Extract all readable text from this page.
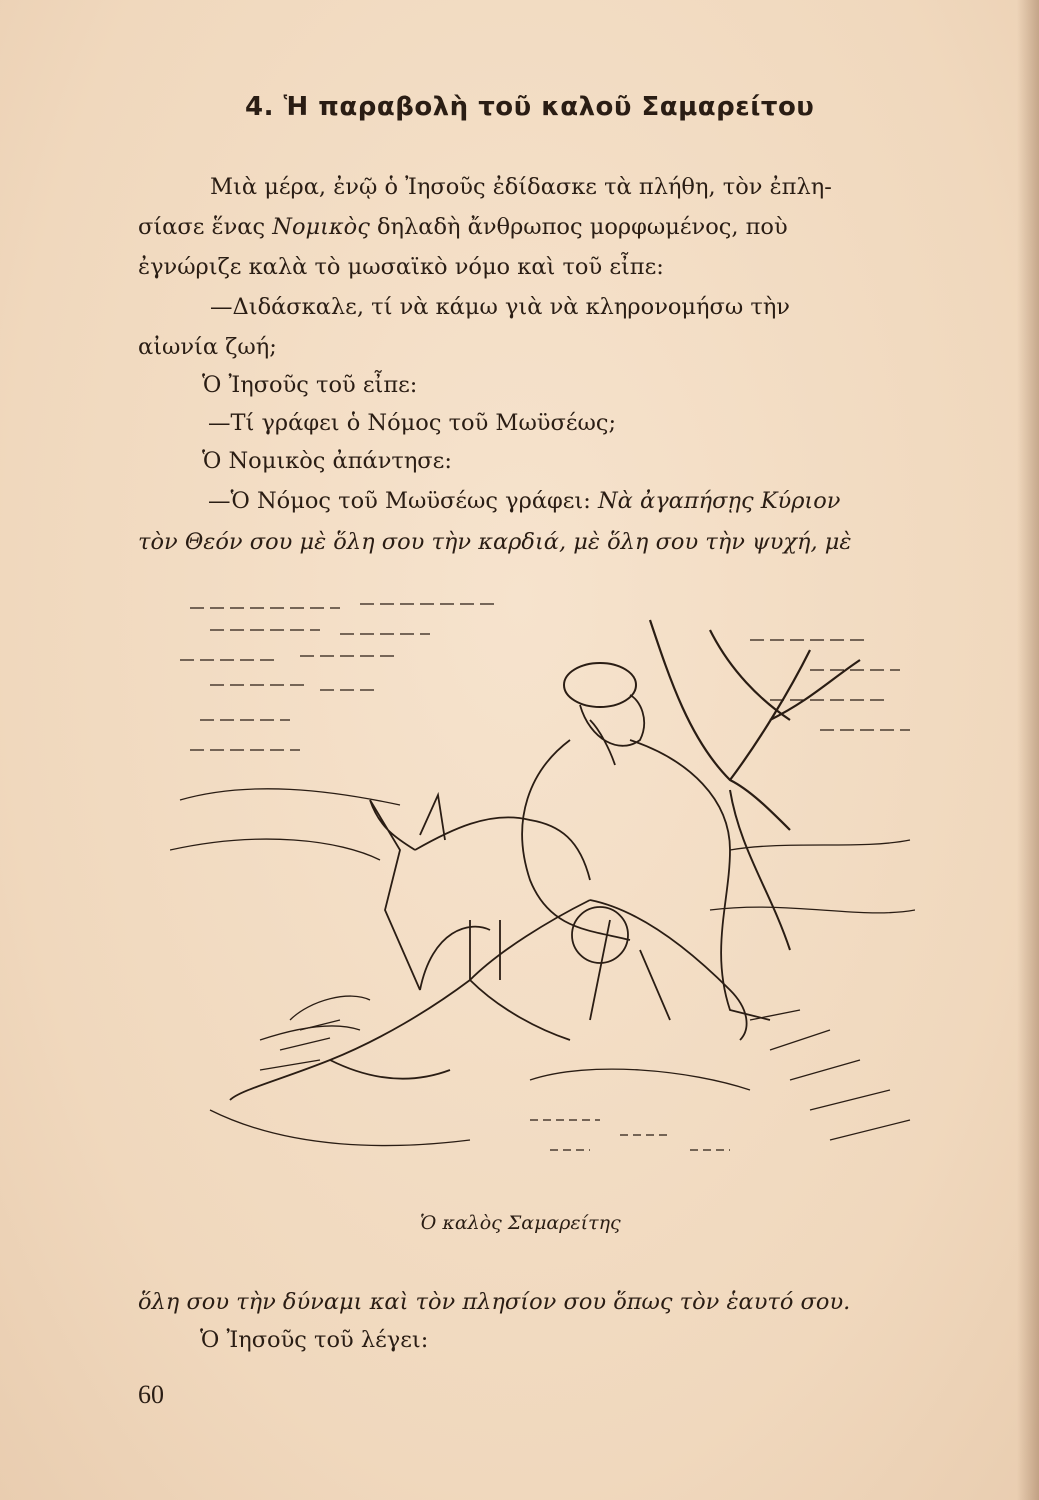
4. Ἡ παραβολὴ τοῦ καλοῦ Σαμαρείτου
Μιὰ μέρα, ἐνῷ ὁ Ἰησοῦς ἐδίδασκε τὰ πλήθη, τὸν ἐπλη-
σίασε ἕνας Νομικὸς δηλαδὴ ἄνθρωπος μορφωμένος, ποὺ
ἐγνώριζε καλὰ τὸ μωσαϊκὸ νόμο καὶ τοῦ εἶπε:
—Διδάσκαλε, τί νὰ κάμω γιὰ νὰ κληρονομήσω τὴν
αἰωνία ζωή;
Ὁ Ἰησοῦς τοῦ εἶπε:
—Τί γράφει ὁ Νόμος τοῦ Μωϋσέως;
Ὁ Νομικὸς ἀπάντησε:
—Ὁ Νόμος τοῦ Μωϋσέως γράφει: Νὰ ἀγαπήσῃς Κύριον
τὸν Θεόν σου μὲ ὅλη σου τὴν καρδιά, μὲ ὅλη σου τὴν ψυχή, μὲ
Ὁ καλὸς Σαμαρείτης
ὅλη σου τὴν δύναμι καὶ τὸν πλησίον σου ὅπως τὸν ἑαυτό σου.
Ὁ Ἰησοῦς τοῦ λέγει:
60
